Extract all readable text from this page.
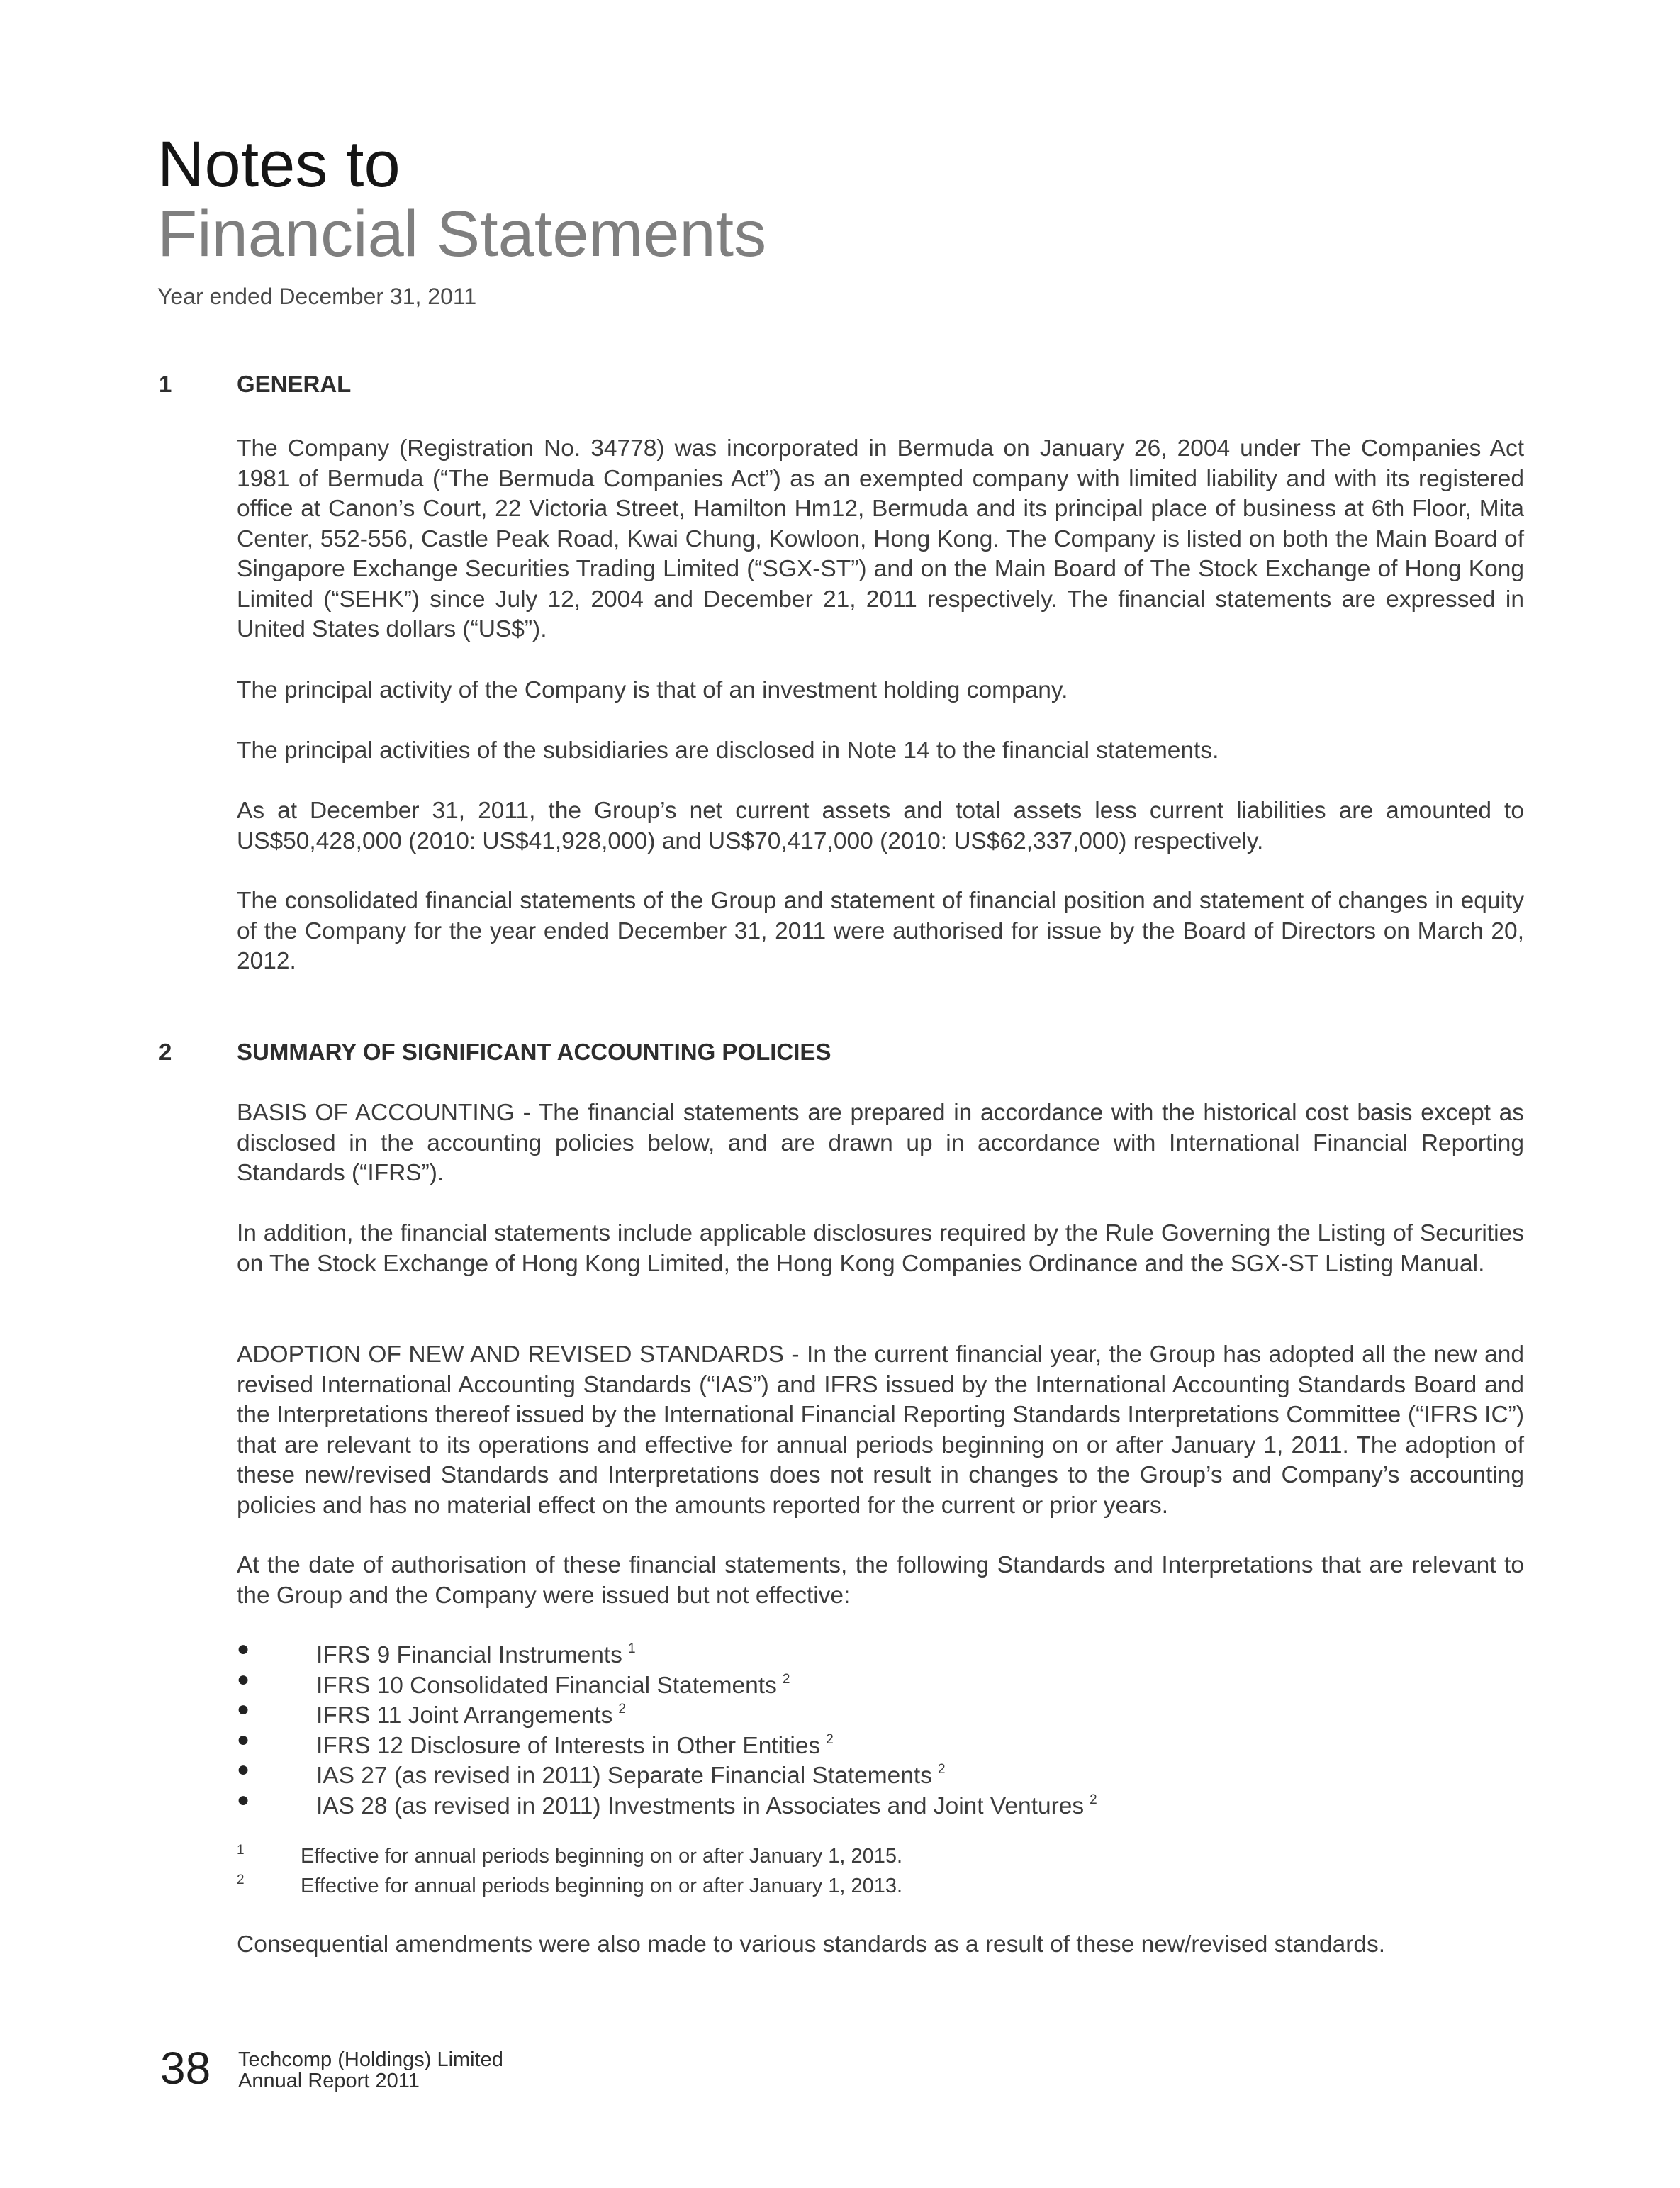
Notes to
Financial Statements
Year ended December 31, 2011
1	GENERAL
The Company (Registration No. 34778) was incorporated in Bermuda on January 26, 2004 under The Companies Act 1981 of Bermuda (“The Bermuda Companies Act”) as an exempted company with limited liability and with its registered office at Canon’s Court, 22 Victoria Street, Hamilton Hm12, Bermuda and its principal place of business at 6th Floor, Mita Center, 552-556, Castle Peak Road, Kwai Chung, Kowloon, Hong Kong. The Company is listed on both the Main Board of Singapore Exchange Securities Trading Limited (“SGX-ST”) and on the Main Board of The Stock Exchange of Hong Kong Limited (“SEHK”) since July 12, 2004 and December 21, 2011 respectively. The financial statements are expressed in United States dollars (“US$”).
The principal activity of the Company is that of an investment holding company.
The principal activities of the subsidiaries are disclosed in Note 14 to the financial statements.
As at December 31, 2011, the Group’s net current assets and total assets less current liabilities are amounted to US$50,428,000 (2010: US$41,928,000) and US$70,417,000 (2010: US$62,337,000) respectively.
The consolidated financial statements of the Group and statement of financial position and statement of changes in equity of the Company for the year ended December 31, 2011 were authorised for issue by the Board of Directors on March 20, 2012.
2	SUMMARY OF SIGNIFICANT ACCOUNTING POLICIES
BASIS OF ACCOUNTING - The financial statements are prepared in accordance with the historical cost basis except as disclosed in the accounting policies below, and are drawn up in accordance with International Financial Reporting Standards (“IFRS”).
In addition, the financial statements include applicable disclosures required by the Rule Governing the Listing of Securities on The Stock Exchange of Hong Kong Limited, the Hong Kong Companies Ordinance and the SGX-ST Listing Manual.
ADOPTION OF NEW AND REVISED STANDARDS - In the current financial year, the Group has adopted all the new and revised International Accounting Standards (“IAS”) and IFRS issued by the International Accounting Standards Board and the Interpretations thereof issued by the International Financial Reporting Standards Interpretations Committee (“IFRS IC”) that are relevant to its operations and effective for annual periods beginning on or after January 1, 2011. The adoption of these new/revised Standards and Interpretations does not result in changes to the Group’s and Company’s accounting policies and has no material effect on the amounts reported for the current or prior years.
At the date of authorisation of these financial statements, the following Standards and Interpretations that are relevant to the Group and the Company were issued but not effective:
●	IFRS 9 Financial Instruments $^1$
●	IFRS 10 Consolidated Financial Statements $^2$
●	IFRS 11 Joint Arrangements $^2$
●	IFRS 12 Disclosure of Interests in Other Entities $^2$
●	IAS 27 (as revised in 2011) Separate Financial Statements $^2$
●	IAS 28 (as revised in 2011) Investments in Associates and Joint Ventures $^2$
1	Effective for annual periods beginning on or after January 1, 2015.
2	Effective for annual periods beginning on or after January 1, 2013.
Consequential amendments were also made to various standards as a result of these new/revised standards.
38 Techcomp (Holdings) Limited
Annual Report 2011
